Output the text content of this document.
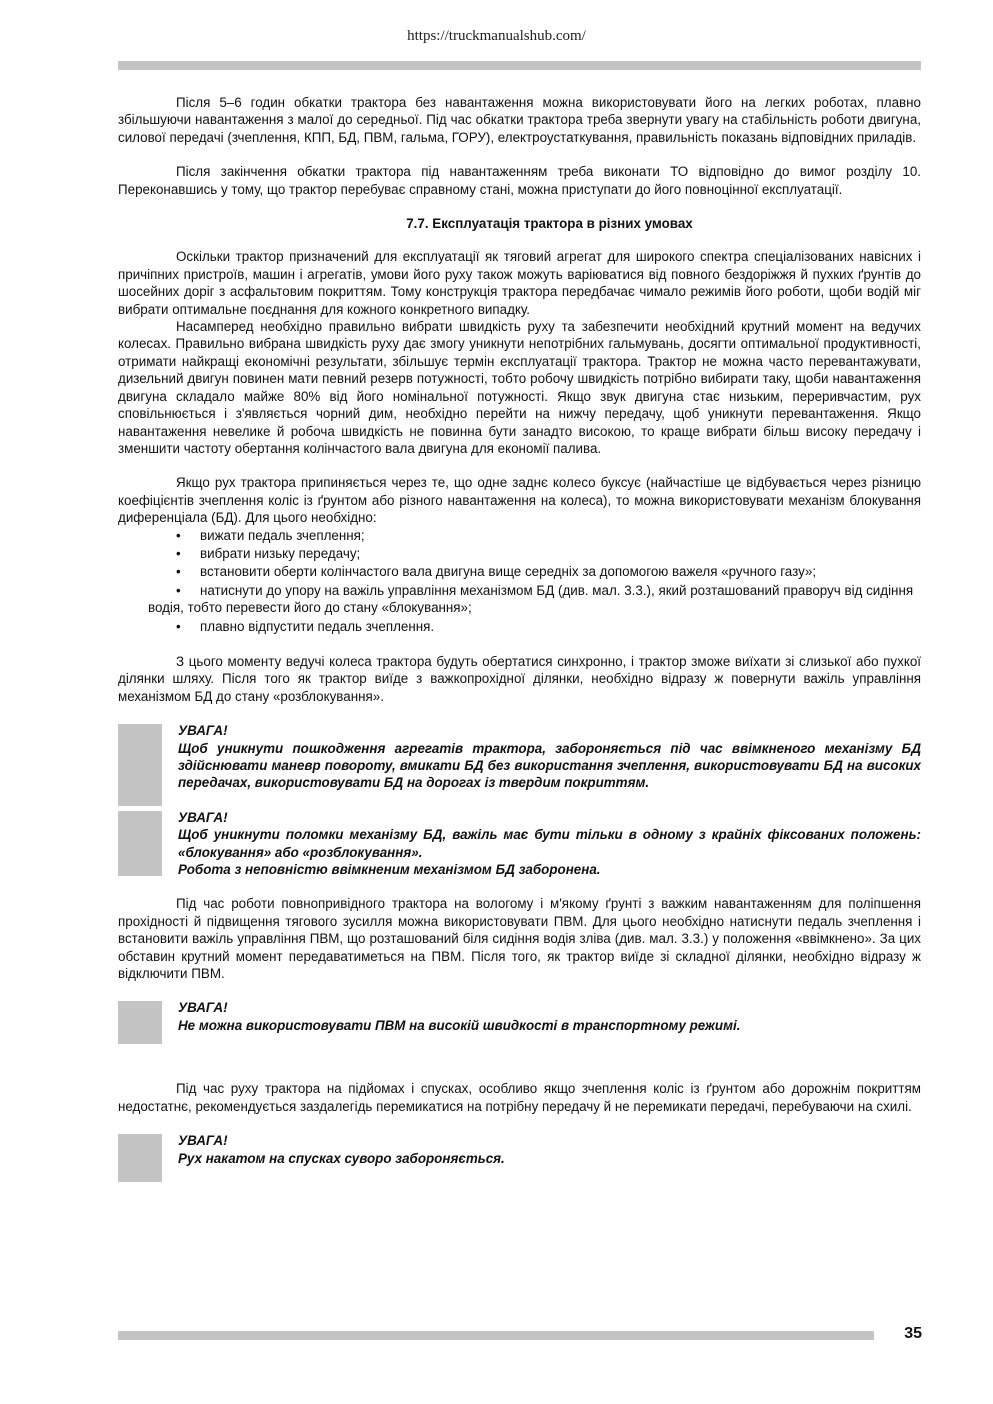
https://truckmanualshub.com/

Після 5–6 годин обкатки трактора без навантаження можна використовувати його на легких роботах, плавно збільшуючи навантаження з малої до середньої. Під час обкатки трактора треба звернути увагу на стабільність роботи двигуна, силової передачі (зчеплення, КПП, БД, ПВМ, гальма, ГОРУ), електроустаткування, правильність показань відповідних приладів.

Після закінчення обкатки трактора під навантаженням треба виконати ТО відповідно до вимог розділу 10. Переконавшись у тому, що трактор перебуває справному стані, можна приступати до його повноцінної експлуатації.

7.7. Експлуатація трактора в різних умовах

Оскільки трактор призначений для експлуатації як тяговий агрегат для широкого спектра спеціалізованих навісних і причіпних пристроїв, машин і агрегатів, умови його руху також можуть варіюватися від повного бездоріжжя й пухких ґрунтів до шосейних доріг з асфальтовим покриттям. Тому конструкція трактора передбачає чимало режимів його роботи, щоби водій міг вибрати оптимальне поєднання для кожного конкретного випадку.

Насамперед необхідно правильно вибрати швидкість руху та забезпечити необхідний крутний момент на ведучих колесах. Правильно вибрана швидкість руху дає змогу уникнути непотрібних гальмувань, досягти оптимальної продуктивності, отримати найкращі економічні результати, збільшує термін експлуатації трактора. Трактор не можна часто перевантажувати, дизельний двигун повинен мати певний резерв потужності, тобто робочу швидкість потрібно вибирати таку, щоби навантаження двигуна складало майже 80% від його номінальної потужності. Якщо звук двигуна стає низьким, переривчастим, рух сповільнюється і з'являється чорний дим, необхідно перейти на нижчу передачу, щоб уникнути перевантаження. Якщо навантаження невелике й робоча швидкість не повинна бути занадто високою, то краще вибрати більш високу передачу і зменшити частоту обертання колінчастого вала двигуна для економії палива.

Якщо рух трактора припиняється через те, що одне заднє колесо буксує (найчастіше це відбувається через різницю коефіцієнтів зчеплення коліс із ґрунтом або різного навантаження на колеса), то можна використовувати механізм блокування диференціала (БД). Для цього необхідно:

• вижати педаль зчеплення;
• вибрати низьку передачу;
• встановити оберти колінчастого вала двигуна вище середніх за допомогою важеля «ручного газу»;
• натиснути до упору на важіль управління механізмом БД (див. мал. 3.3.), який розташований праворуч від сидіння водія, тобто перевести його до стану «блокування»;
• плавно відпустити педаль зчеплення.

З цього моменту ведучі колеса трактора будуть обертатися синхронно, і трактор зможе виїхати зі слизької або пухкої ділянки шляху. Після того як трактор виїде з важкопрохідної ділянки, необхідно відразу ж повернути важіль управління механізмом БД до стану «розблокування».

УВАГА!
Щоб уникнути пошкодження агрегатів трактора, забороняється під час ввімкненого механізму БД здійснювати маневр повороту, вмикати БД без використання зчеплення, використовувати БД на високих передачах, використовувати БД на дорогах із твердим покриттям.
УВАГА!
Щоб уникнути поломки механізму БД, важіль має бути тільки в одному з крайніх фіксованих положень: «блокування» або «розблокування».
Робота з неповністю ввімкненим механізмом БД заборонена.

Під час роботи повнопривідного трактора на вологому і м'якому ґрунті з важким навантаженням для поліпшення прохідності й підвищення тягового зусилля можна використовувати ПВМ. Для цього необхідно натиснути педаль зчеплення і встановити важіль управління ПВМ, що розташований біля сидіння водія зліва (див. мал. 3.3.) у положення «ввімкнено». За цих обставин крутний момент передаватиметься на ПВМ. Після того, як трактор виїде зі складної ділянки, необхідно відразу ж відключити ПВМ.

УВАГА!
Не можна використовувати ПВМ на високій швидкості в транспортному режимі.

Під час руху трактора на підйомах і спусках, особливо якщо зчеплення коліс із ґрунтом або дорожнім покриттям недостатнє, рекомендується заздалегідь перемикатися на потрібну передачу й не перемикати передачі, перебуваючи на схилі.

УВАГА!
Рух накатом на спусках суворо забороняється.
35
